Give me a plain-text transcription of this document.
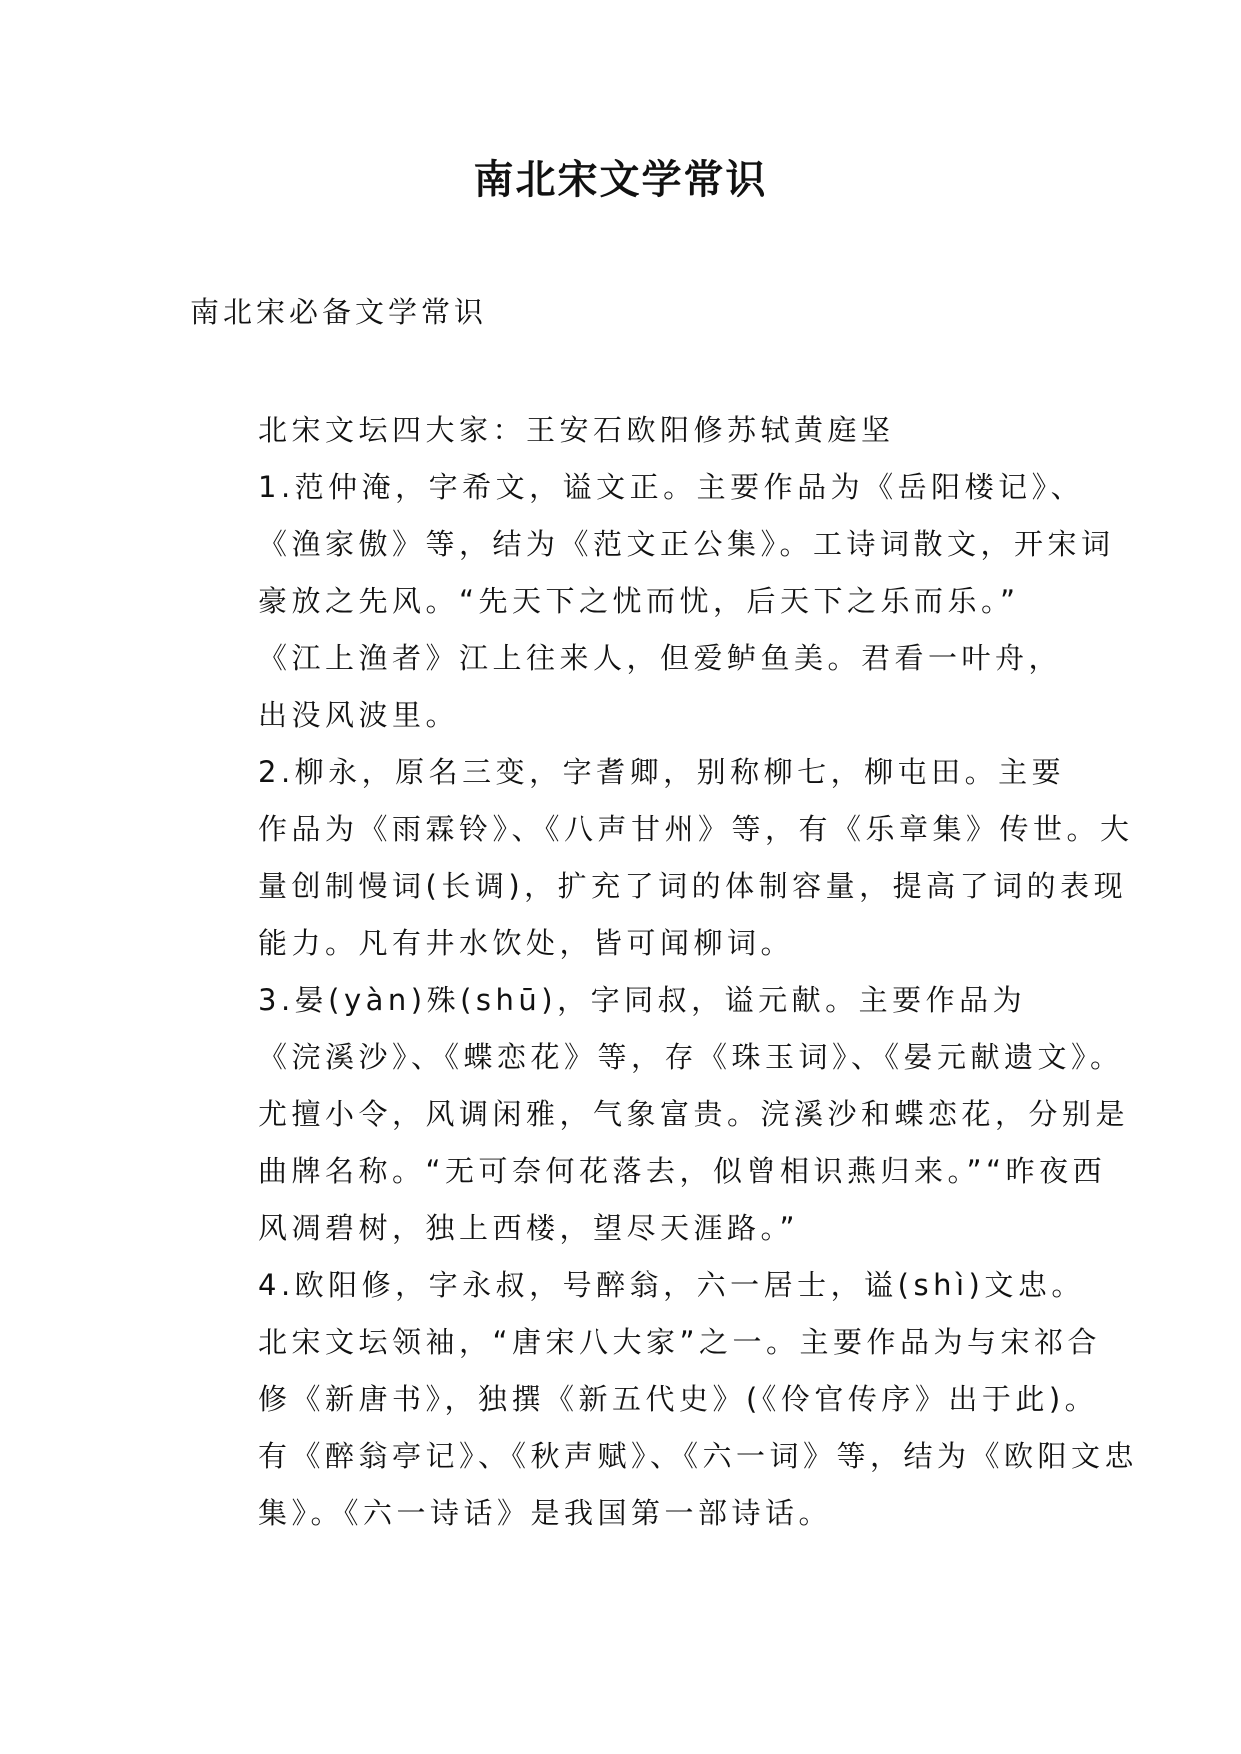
南北宋文学常识

南北宋必备文学常识

北宋文坛四大家：王安石欧阳修苏轼黄庭坚

1.范仲淹，字希文，谥文正。主要作品为《岳阳楼记》、
《渔家傲》等，结为《范文正公集》。工诗词散文，开宋词
豪放之先风。“先天下之忧而忧，后天下之乐而乐。”

《江上渔者》江上往来人，但爱鲈鱼美。君看一叶舟，
出没风波里。

2.柳永，原名三变，字耆卿，别称柳七，柳屯田。主要
作品为《雨霖铃》、《八声甘州》等，有《乐章集》传世。大
量创制慢词(长调)，扩充了词的体制容量，提高了词的表现
能力。凡有井水饮处，皆可闻柳词。

3.晏(yàn)殊(shū)，字同叔，谥元献。主要作品为
《浣溪沙》、《蝶恋花》等，存《珠玉词》、《晏元献遗文》。
尤擅小令，风调闲雅，气象富贵。浣溪沙和蝶恋花，分别是
曲牌名称。“无可奈何花落去，似曾相识燕归来。”“昨夜西
风凋碧树，独上西楼，望尽天涯路。”

4.欧阳修，字永叔，号醉翁，六一居士，谥(shì)文忠。
北宋文坛领袖，“唐宋八大家”之一。主要作品为与宋祁合
修《新唐书》，独撰《新五代史》(《伶官传序》出于此)。
有《醉翁亭记》、《秋声赋》、《六一词》等，结为《欧阳文忠
集》。《六一诗话》是我国第一部诗话。
